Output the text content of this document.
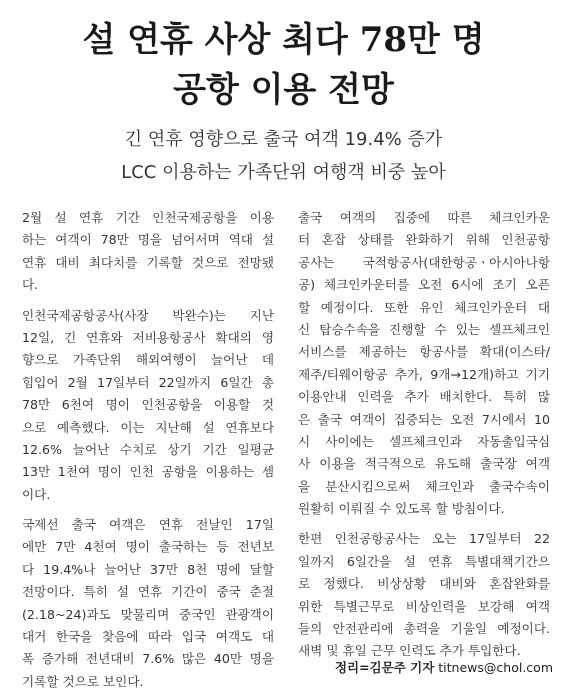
설 연휴 사상 최다 78만 명
공항 이용 전망
긴 연휴 영향으로 출국 여객 19.4% 증가
LCC 이용하는 가족단위 여행객 비중 높아
2월 설 연휴 기간 인천국제공항을 이용
하는 여객이 78만 명을 넘어서며 역대 설
연휴 대비 최다치를 기록할 것으로 전망됐
다.
인천국제공항공사(사장 박완수)는 지난
12일, 긴 연휴와 저비용항공사 확대의 영
향으로 가족단위 해외여행이 늘어난 데
힘입어 2월 17일부터 22일까지 6일간 총
78만 6천여 명이 인천공항을 이용할 것
으로 예측했다. 이는 지난해 설 연휴보다
12.6% 늘어난 수치로 상기 기간 일평균
13만 1천여 명이 인천 공항을 이용하는 셈
이다.
국제선 출국 여객은 연휴 전날인 17일
에만 7만 4천여 명이 출국하는 등 전년보
다 19.4%나 늘어난 37만 8천 명에 달할
전망이다. 특히 설 연휴 기간이 중국 춘절
(2.18~24)과도 맞물리며 중국인 관광객이
대거 한국을 찾음에 따라 입국 여객도 대
폭 증가해 전년대비 7.6% 많은 40만 명을
기록할 것으로 보인다.
출국 여객의 집중에 따른 체크인카운
터 혼잡 상태를 완화하기 위해 인천공항
공사는 국적항공사(대한항공ㆍ아시아나항
공) 체크인카운터를 오전 6시에 조기 오픈
할 예정이다. 또한 유인 체크인카운터 대
신 탑승수속을 진행할 수 있는 셀프체크인
서비스를 제공하는 항공사를 확대(이스타/
제주/티웨이항공 추가, 9개→12개)하고 기기
이용안내 인력을 추가 배치한다. 특히 많
은 출국 여객이 집중되는 오전 7시에서 10
시 사이에는 셀프체크인과 자동출입국심
사 이용을 적극적으로 유도해 출국장 여객
을 분산시킴으로써 체크인과 출국수속이
원활히 이뤄질 수 있도록 할 방침이다.
한편 인천공항공사는 오는 17일부터 22
일까지 6일간을 설 연휴 특별대책기간으
로 정했다. 비상상황 대비와 혼잡완화를
위한 특별근무로 비상인력을 보강해 여객
들의 안전관리에 총력을 기울일 예정이다.
새벽 및 휴일 근무 인력도 추가 투입한다.
정리=김문주 기자 titnews@chol.com
